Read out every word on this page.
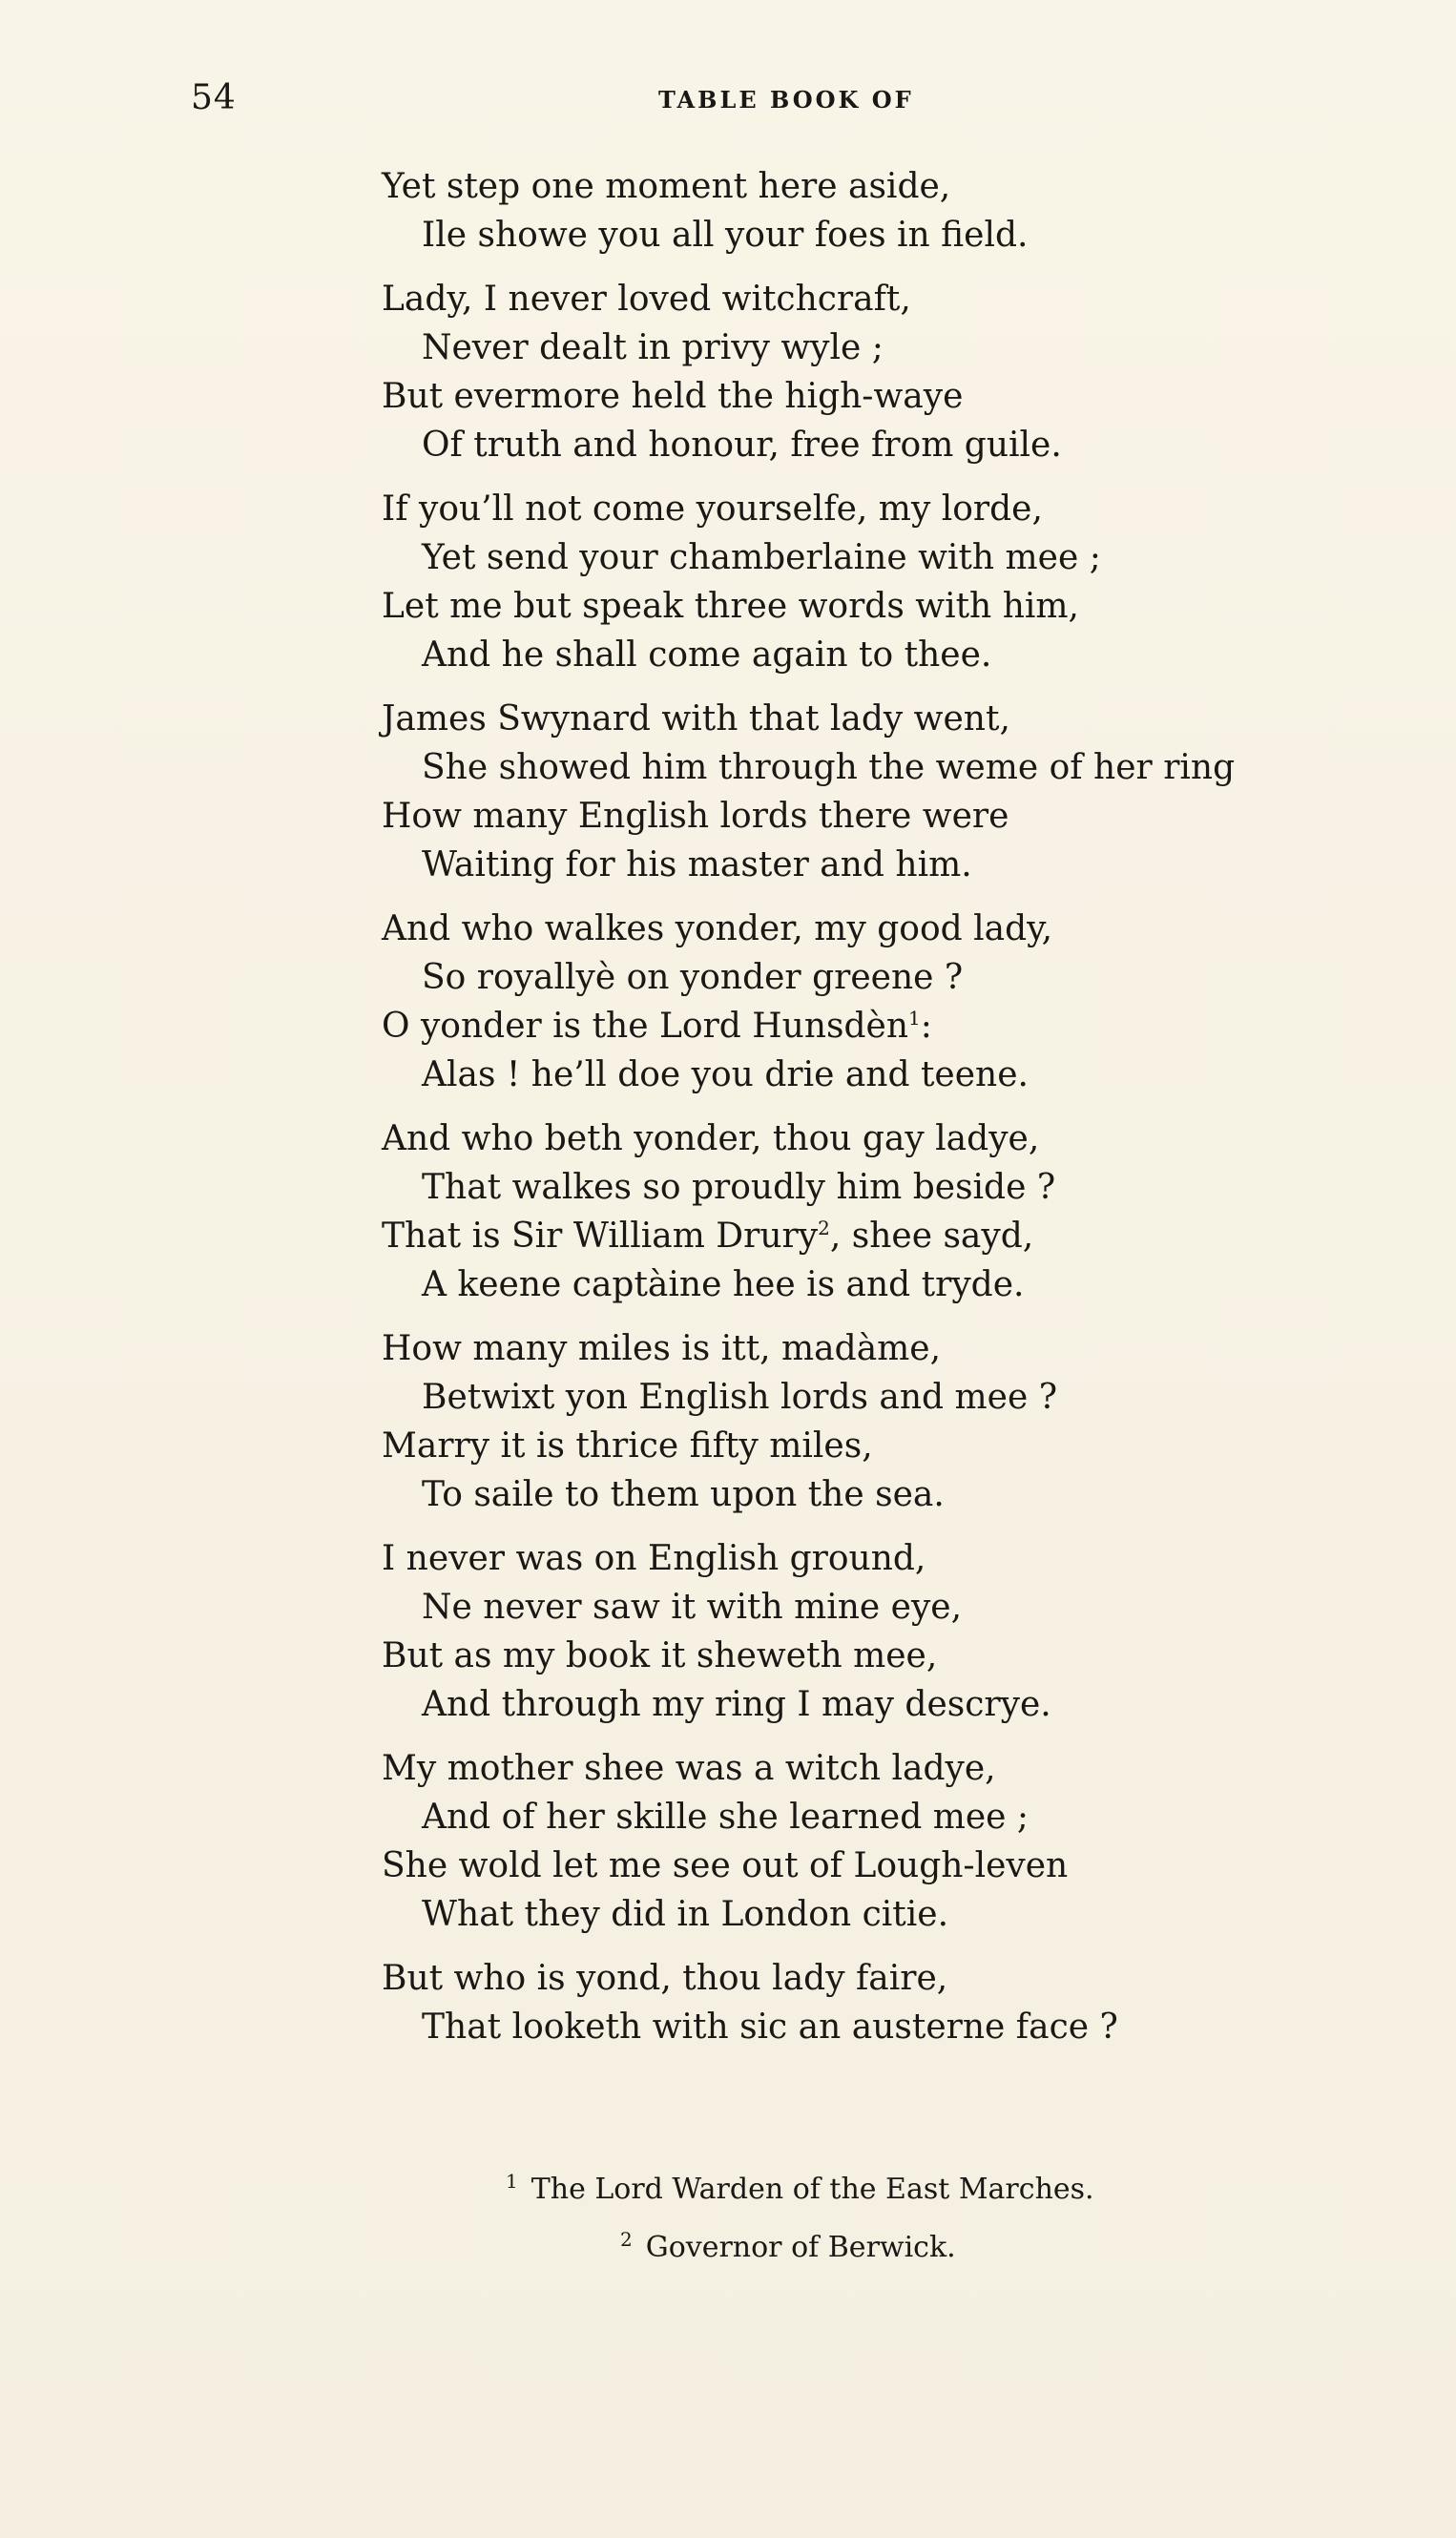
54	TABLE BOOK OF
Yet step one moment here aside,
Ile showe you all your foes in field.
Lady, I never loved witchcraft,
Never dealt in privy wyle ;
But evermore held the high-waye
Of truth and honour, free from guile.
If you’ll not come yourselfe, my lorde,
Yet send your chamberlaine with mee ;
Let me but speak three words with him,
And he shall come again to thee.
James Swynard with that lady went,
She showed him through the weme of her ring
How many English lords there were
Waiting for his master and him.
And who walkes yonder, my good lady,
So royallyè on yonder greene ?
O yonder is the Lord Hunsdèn$^1$:
Alas ! he’ll doe you drie and teene.
And who beth yonder, thou gay ladye,
That walkes so proudly him beside ?
That is Sir William Drury$^2$, shee sayd,
A keene captàine hee is and tryde.
How many miles is itt, madàme,
Betwixt yon English lords and mee ?
Marry it is thrice fifty miles,
To saile to them upon the sea.
I never was on English ground,
Ne never saw it with mine eye,
But as my book it sheweth mee,
And through my ring I may descrye.
My mother shee was a witch ladye,
And of her skille she learned mee ;
She wold let me see out of Lough-leven
What they did in London citie.
But who is yond, thou lady faire,
That looketh with sic an austerne face ?
$^1$ The Lord Warden of the East Marches.
$^2$ Governor of Berwick.
